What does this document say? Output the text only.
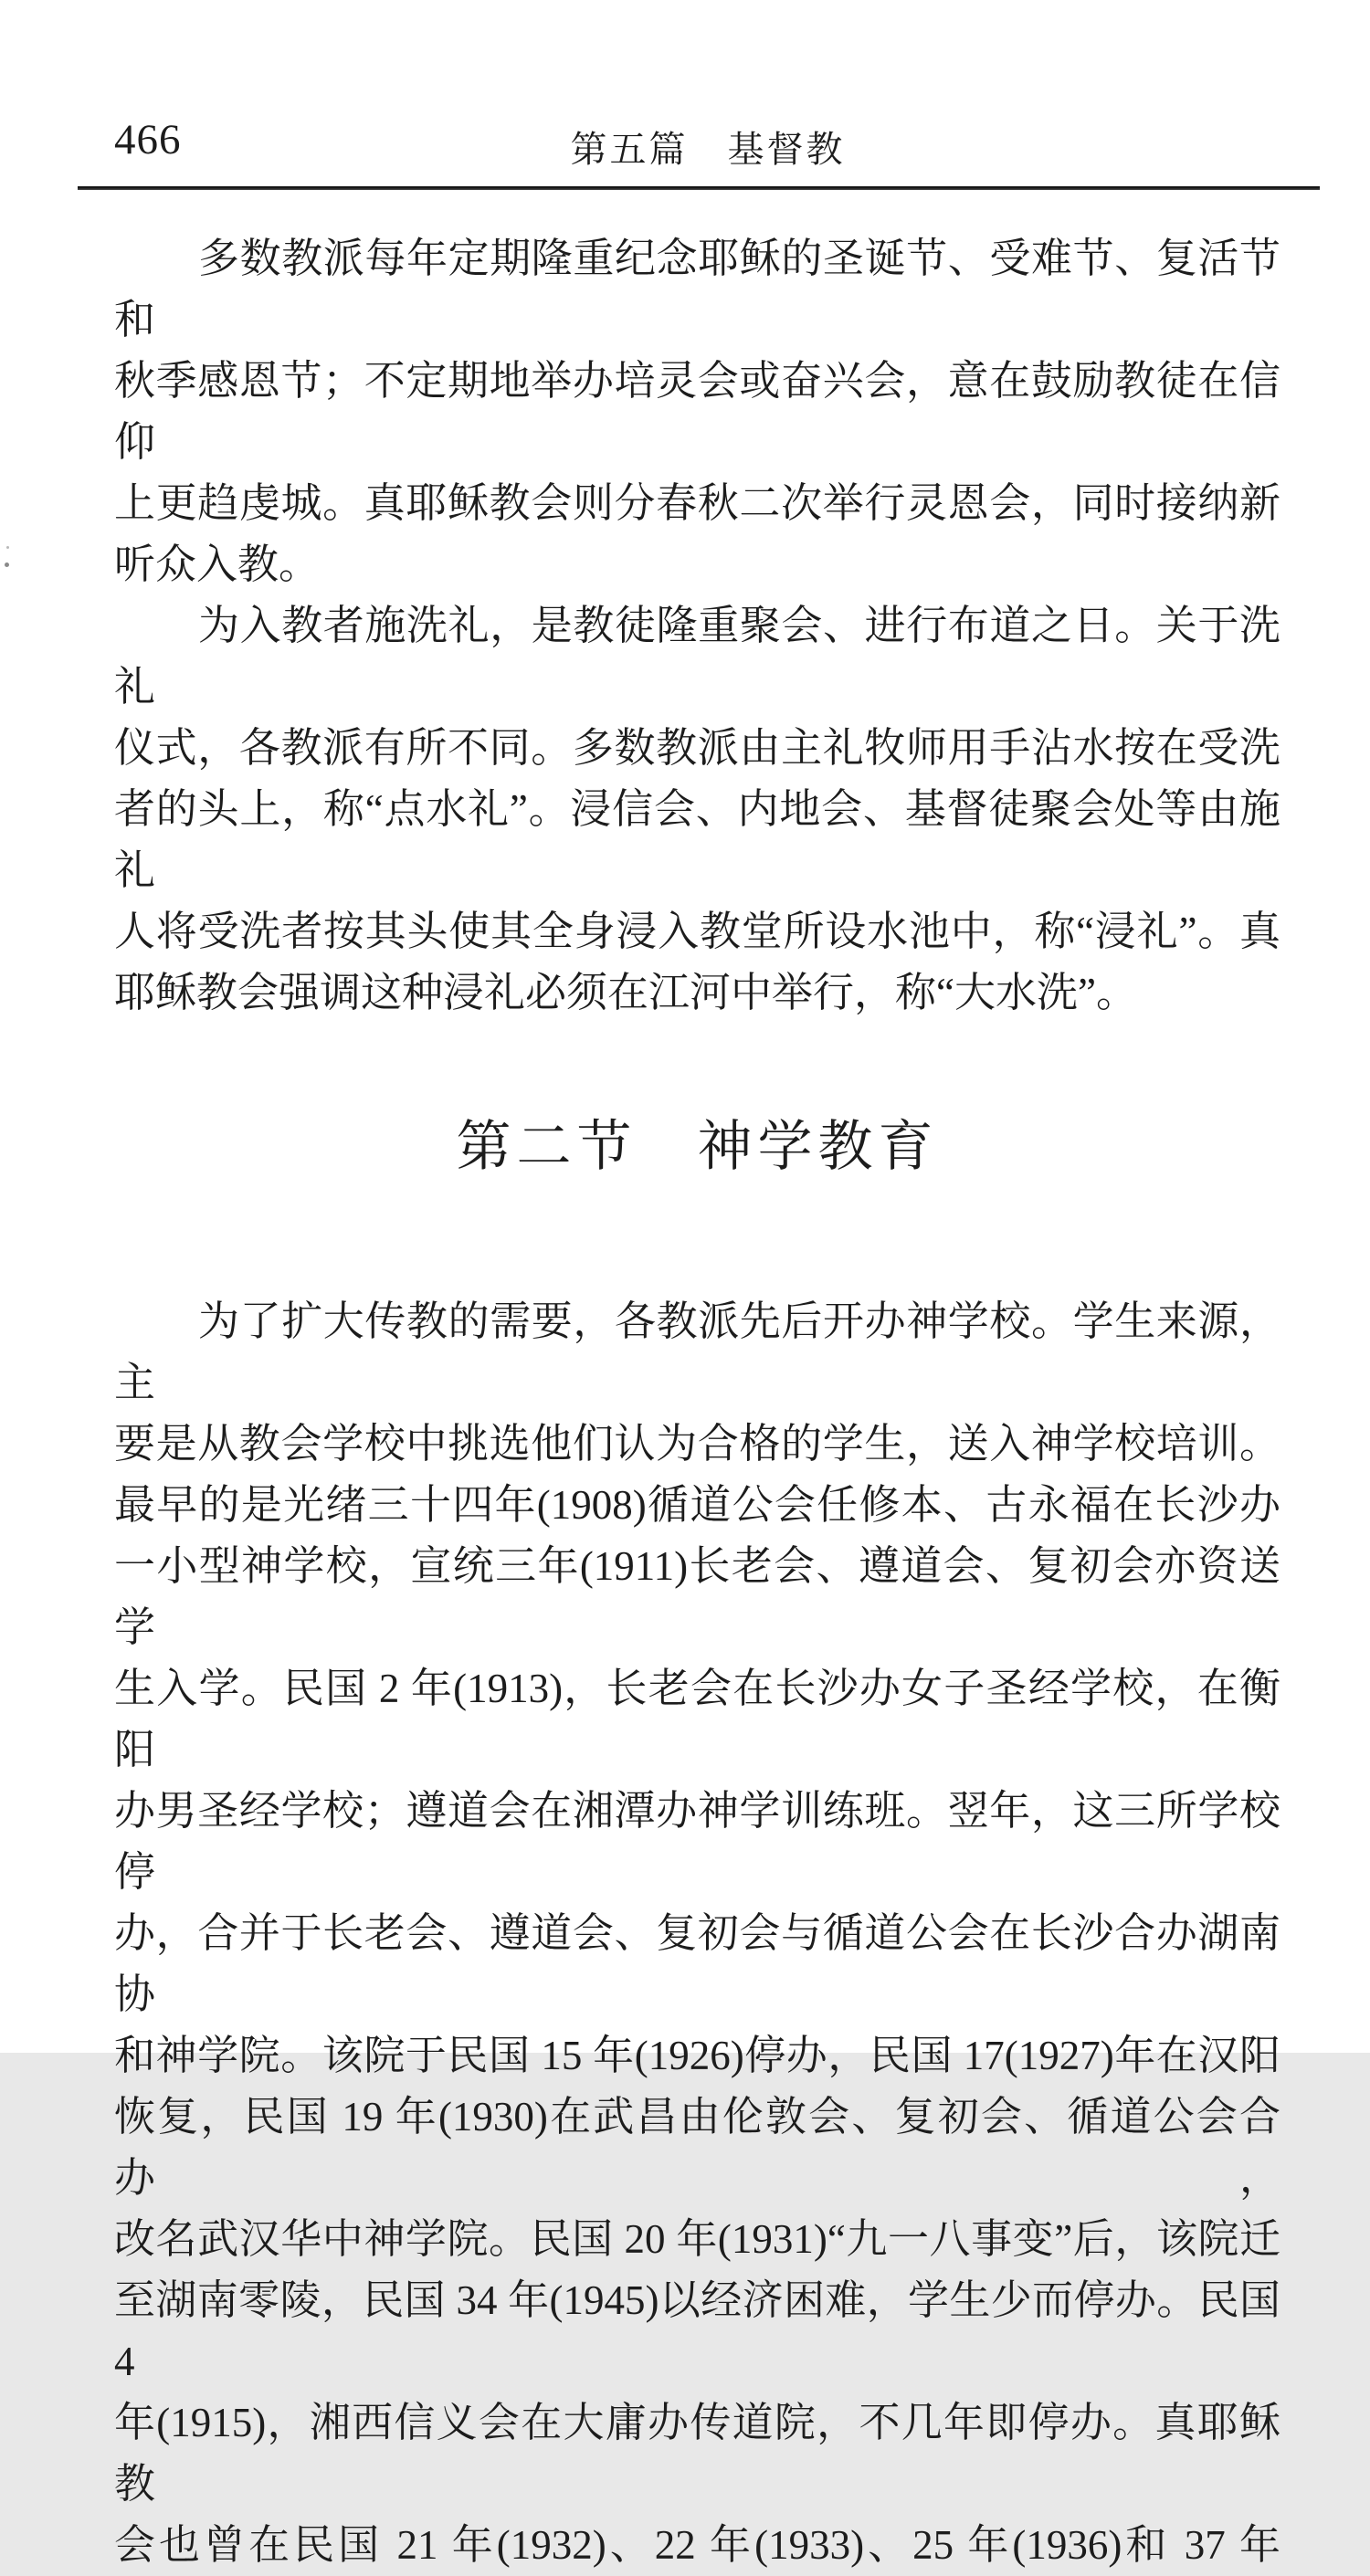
466	第五篇　基督教
多数教派每年定期隆重纪念耶稣的圣诞节、受难节、复活节和
秋季感恩节；不定期地举办培灵会或奋兴会，意在鼓励教徒在信仰
上更趋虔城。真耶稣教会则分春秋二次举行灵恩会，同时接纳新
听众入教。
为入教者施洗礼，是教徒隆重聚会、进行布道之日。关于洗礼
仪式，各教派有所不同。多数教派由主礼牧师用手沾水按在受洗
者的头上，称“点水礼”。浸信会、内地会、基督徒聚会处等由施礼
人将受洗者按其头使其全身浸入教堂所设水池中，称“浸礼”。真
耶稣教会强调这种浸礼必须在江河中举行，称“大水洗”。
第二节　神学教育
为了扩大传教的需要，各教派先后开办神学校。学生来源，主
要是从教会学校中挑选他们认为合格的学生，送入神学校培训。
最早的是光绪三十四年(1908)循道公会任修本、古永福在长沙办
一小型神学校，宣统三年(1911)长老会、遵道会、复初会亦资送学
生入学。民国 2 年(1913)，长老会在长沙办女子圣经学校，在衡阳
办男圣经学校；遵道会在湘潭办神学训练班。翌年，这三所学校停
办，合并于长老会、遵道会、复初会与循道公会在长沙合办湖南协
和神学院。该院于民国 15 年(1926)停办，民国 17(1927)年在汉阳
恢复，民国 19 年(1930)在武昌由伦敦会、复初会、循道公会合办，
改名武汉华中神学院。民国 20 年(1931)“九一八事变”后，该院迁
至湖南零陵，民国 34 年(1945)以经济困难，学生少而停办。民国 4
年(1915)，湘西信义会在大庸办传道院，不几年即停办。真耶稣教
会也曾在民国 21 年(1932)、22 年(1933)、25 年(1936)和 37 年
